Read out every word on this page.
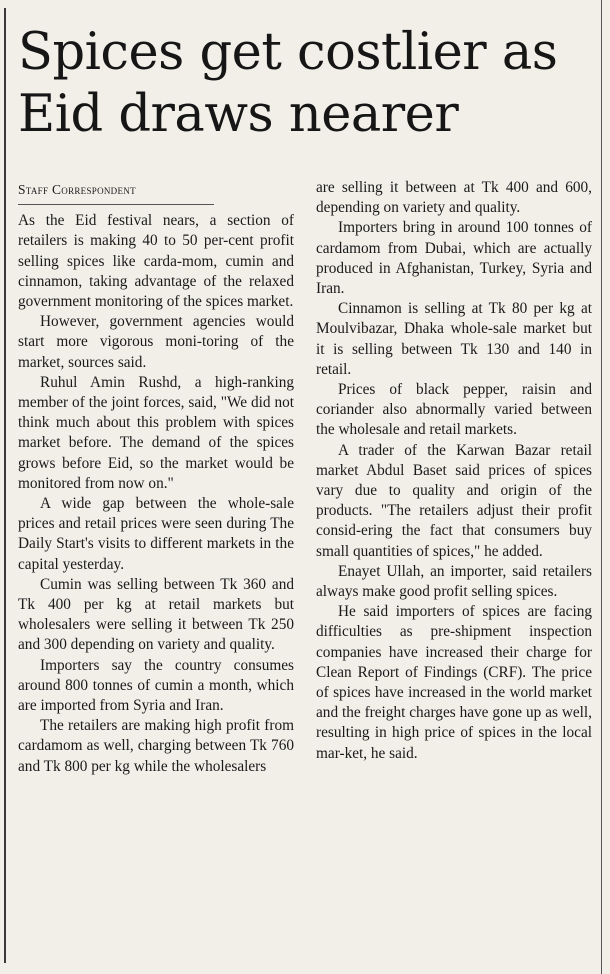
Spices get costlier as Eid draws nearer
Staff Correspondent

As the Eid festival nears, a section of retailers is making 40 to 50 per-cent profit selling spices like carda-mom, cumin and cinnamon, taking advantage of the relaxed government monitoring of the spices market.

However, government agencies would start more vigorous moni-toring of the market, sources said.

Ruhul Amin Rushd, a high-ranking member of the joint forces, said, "We did not think much about this problem with spices market before. The demand of the spices grows before Eid, so the market would be monitored from now on."

A wide gap between the whole-sale prices and retail prices were seen during The Daily Start's visits to different markets in the capital yesterday.

Cumin was selling between Tk 360 and Tk 400 per kg at retail markets but wholesalers were selling it between Tk 250 and 300 depending on variety and quality.

Importers say the country consumes around 800 tonnes of cumin a month, which are imported from Syria and Iran.

The retailers are making high profit from cardamom as well, charging between Tk 760 and Tk 800 per kg while the wholesalers

are selling it between at Tk 400 and 600, depending on variety and quality.

Importers bring in around 100 tonnes of cardamom from Dubai, which are actually produced in Afghanistan, Turkey, Syria and Iran.

Cinnamon is selling at Tk 80 per kg at Moulvibazar, Dhaka whole-sale market but it is selling between Tk 130 and 140 in retail.

Prices of black pepper, raisin and coriander also abnormally varied between the wholesale and retail markets.

A trader of the Karwan Bazar retail market Abdul Baset said prices of spices vary due to quality and origin of the products. "The retailers adjust their profit consid-ering the fact that consumers buy small quantities of spices," he added.

Enayet Ullah, an importer, said retailers always make good profit selling spices.

He said importers of spices are facing difficulties as pre-shipment inspection companies have increased their charge for Clean Report of Findings (CRF). The price of spices have increased in the world market and the freight charges have gone up as well, resulting in high price of spices in the local mar-ket, he said.
